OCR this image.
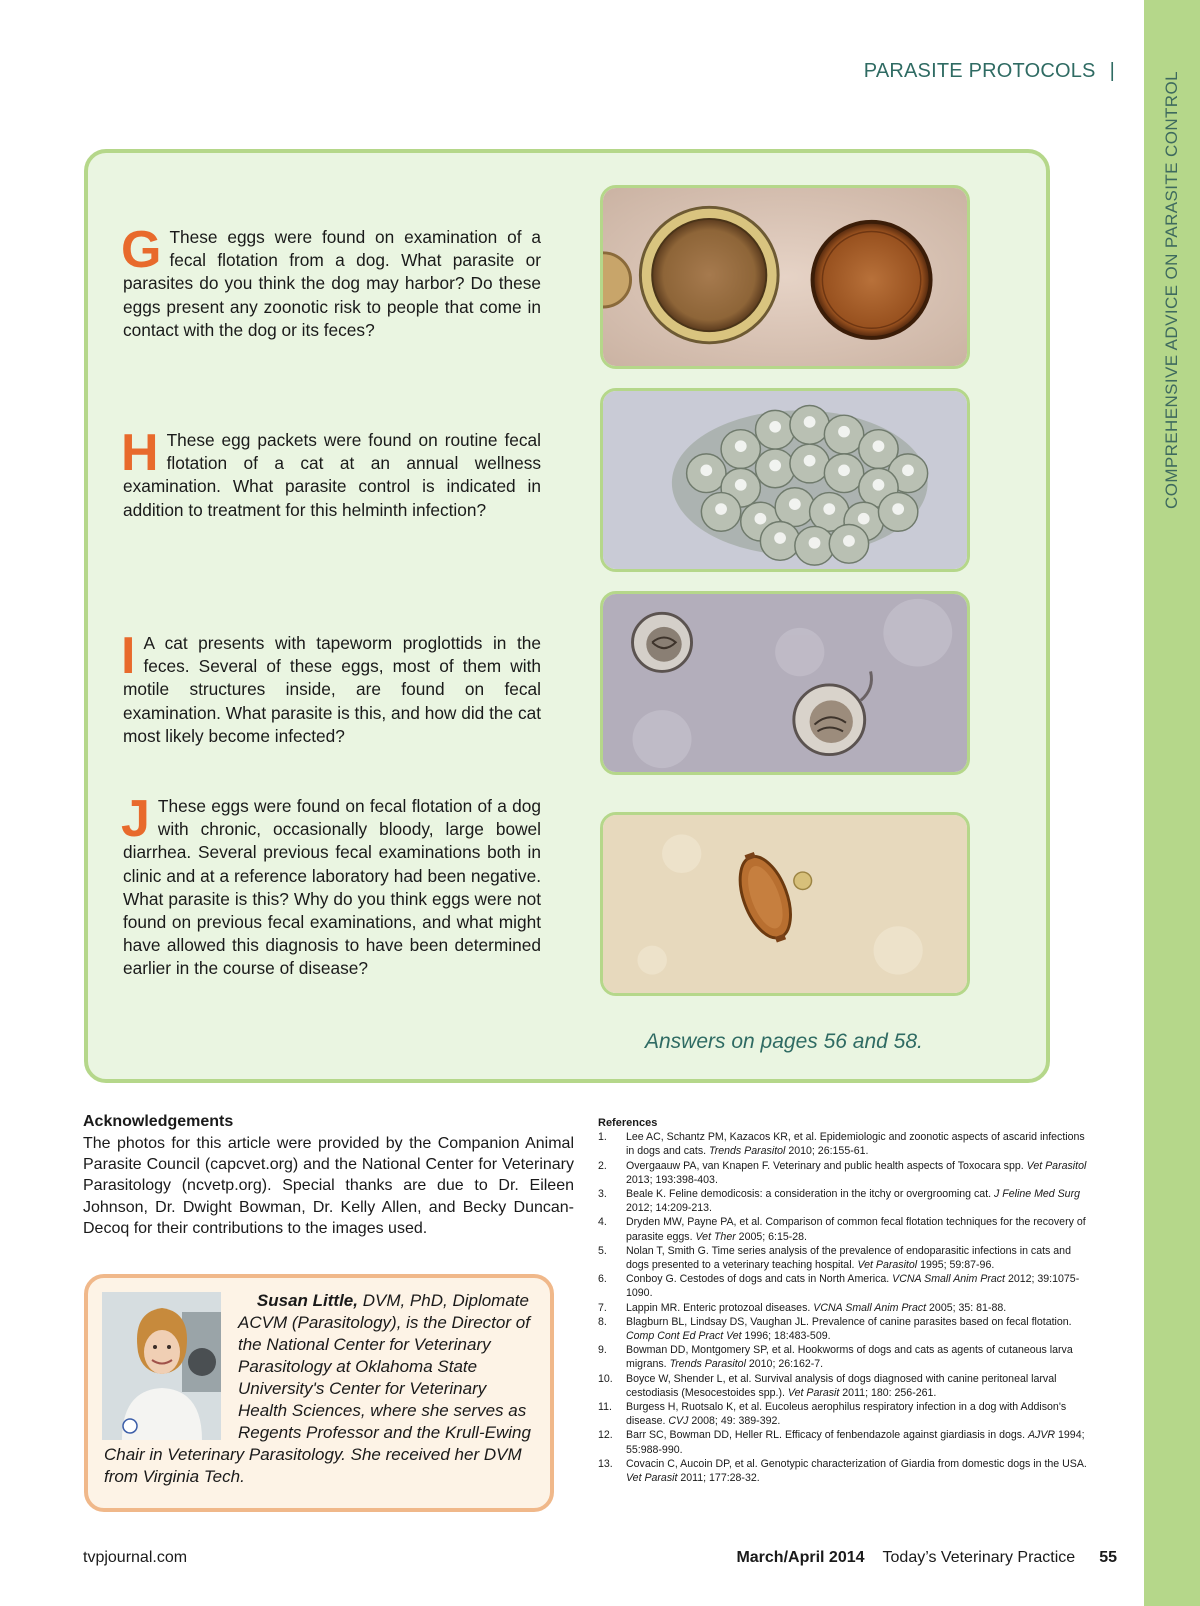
COMPREHENSIVE ADVICE ON PARASITE CONTROL
PARASITE PROTOCOLS |
G These eggs were found on examination of a fecal flotation from a dog. What parasite or parasites do you think the dog may harbor? Do these eggs present any zoonotic risk to people that come in contact with the dog or its feces?
H These egg packets were found on routine fecal flotation of a cat at an annual wellness examination. What parasite control is indicated in addition to treatment for this helminth infection?
I A cat presents with tapeworm proglottids in the feces. Several of these eggs, most of them with motile structures inside, are found on fecal examination. What parasite is this, and how did the cat most likely become infected?
J These eggs were found on fecal flotation of a dog with chronic, occasionally bloody, large bowel diarrhea. Several previous fecal examinations both in clinic and at a reference laboratory had been negative. What parasite is this? Why do you think eggs were not found on previous fecal examinations, and what might have allowed this diagnosis to have been determined earlier in the course of disease?
Answers on pages 56 and 58.
Acknowledgements
The photos for this article were provided by the Companion Animal Parasite Council (capcvet.org) and the National Center for Veterinary Parasitology (ncvetp.org). Special thanks are due to Dr. Eileen Johnson, Dr. Dwight Bowman, Dr. Kelly Allen, and Becky Duncan-Decoq for their contributions to the images used.
Susan Little, DVM, PhD, Diplomate ACVM (Parasitology), is the Director of the National Center for Veterinary Parasitology at Oklahoma State University's Center for Veterinary Health Sciences, where she serves as Regents Professor and the Krull-Ewing Chair in Veterinary Parasitology. She received her DVM from Virginia Tech.
References
1. Lee AC, Schantz PM, Kazacos KR, et al. Epidemiologic and zoonotic aspects of ascarid infections in dogs and cats. Trends Parasitol 2010; 26:155-61.
2. Overgaauw PA, van Knapen F. Veterinary and public health aspects of Toxocara spp. Vet Parasitol 2013; 193:398-403.
3. Beale K. Feline demodicosis: a consideration in the itchy or overgrooming cat. J Feline Med Surg 2012; 14:209-213.
4. Dryden MW, Payne PA, et al. Comparison of common fecal flotation techniques for the recovery of parasite eggs. Vet Ther 2005; 6:15-28.
5. Nolan T, Smith G. Time series analysis of the prevalence of endoparasitic infections in cats and dogs presented to a veterinary teaching hospital. Vet Parasitol 1995; 59:87-96.
6. Conboy G. Cestodes of dogs and cats in North America. VCNA Small Anim Pract 2012; 39:1075-1090.
7. Lappin MR. Enteric protozoal diseases. VCNA Small Anim Pract 2005; 35: 81-88.
8. Blagburn BL, Lindsay DS, Vaughan JL. Prevalence of canine parasites based on fecal flotation. Comp Cont Ed Pract Vet 1996; 18:483-509.
9. Bowman DD, Montgomery SP, et al. Hookworms of dogs and cats as agents of cutaneous larva migrans. Trends Parasitol 2010; 26:162-7.
10. Boyce W, Shender L, et al. Survival analysis of dogs diagnosed with canine peritoneal larval cestodiasis (Mesocestoides spp.). Vet Parasit 2011; 180: 256-261.
11. Burgess H, Ruotsalo K, et al. Eucoleus aerophilus respiratory infection in a dog with Addison's disease. CVJ 2008; 49: 389-392.
12. Barr SC, Bowman DD, Heller RL. Efficacy of fenbendazole against giardiasis in dogs. AJVR 1994; 55:988-990.
13. Covacin C, Aucoin DP, et al. Genotypic characterization of Giardia from domestic dogs in the USA. Vet Parasit 2011; 177:28-32.
tvpjournal.com	March/April 2014 Today’s Veterinary Practice 55
